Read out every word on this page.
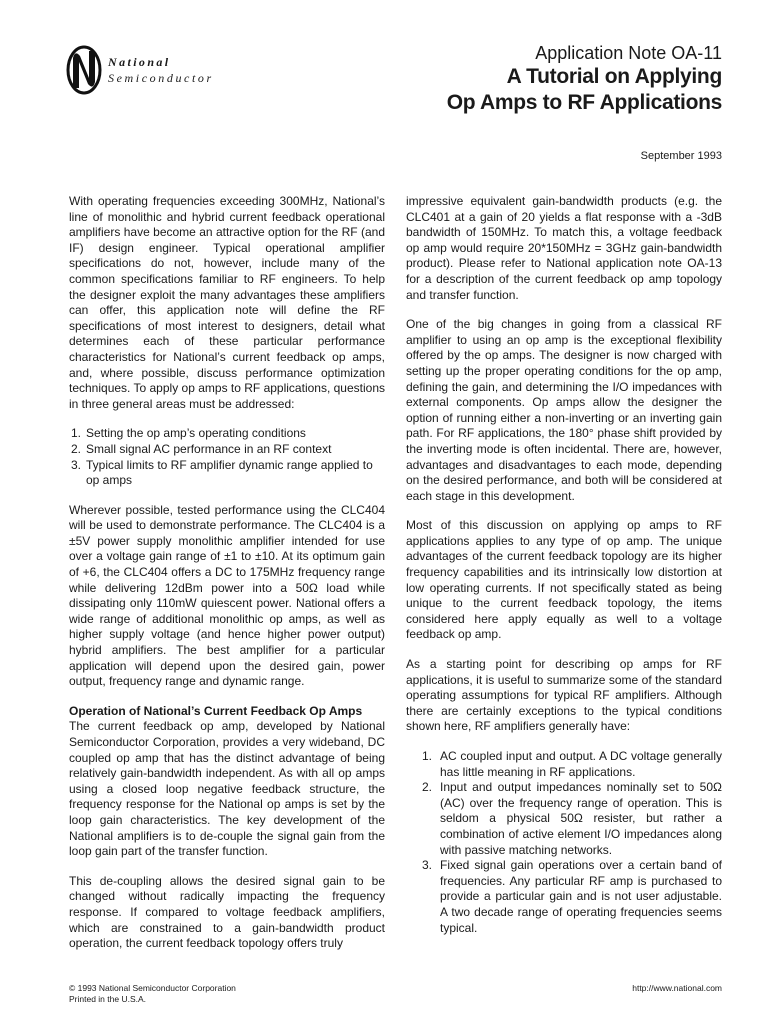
National
Semiconductor
Application Note OA-11
A Tutorial on Applying
Op Amps to RF Applications
September 1993

With operating frequencies exceeding 300MHz, National’s line of monolithic and hybrid current feedback operational amplifiers have become an attractive option for the RF (and IF) design engineer. Typical operational amplifier specifications do not, however, include many of the common specifications familiar to RF engineers. To help the designer exploit the many advantages these amplifiers can offer, this application note will define the RF specifications of most interest to designers, detail what determines each of these particular performance characteristics for National’s current feedback op amps, and, where possible, discuss performance optimization techniques. To apply op amps to RF applications, questions in three general areas must be addressed:

1. Setting the op amp’s operating conditions
2. Small signal AC performance in an RF context
3. Typical limits to RF amplifier dynamic range applied to op amps

Wherever possible, tested performance using the CLC404 will be used to demonstrate performance. The CLC404 is a ±5V power supply monolithic amplifier intended for use over a voltage gain range of ±1 to ±10. At its optimum gain of +6, the CLC404 offers a DC to 175MHz frequency range while delivering 12dBm power into a 50Ω load while dissipating only 110mW quiescent power. National offers a wide range of additional monolithic op amps, as well as higher supply voltage (and hence higher power output) hybrid amplifiers. The best amplifier for a particular application will depend upon the desired gain, power output, frequency range and dynamic range.

Operation of National’s Current Feedback Op Amps

The current feedback op amp, developed by National Semiconductor Corporation, provides a very wideband, DC coupled op amp that has the distinct advantage of being relatively gain-bandwidth independent. As with all op amps using a closed loop negative feedback structure, the frequency response for the National op amps is set by the loop gain characteristics. The key development of the National amplifiers is to de-couple the signal gain from the loop gain part of the transfer function.

This de-coupling allows the desired signal gain to be changed without radically impacting the frequency response. If compared to voltage feedback amplifiers, which are constrained to a gain-bandwidth product operation, the current feedback topology offers truly

impressive equivalent gain-bandwidth products (e.g. the CLC401 at a gain of 20 yields a flat response with a -3dB bandwidth of 150MHz. To match this, a voltage feedback op amp would require 20*150MHz = 3GHz gain-bandwidth product). Please refer to National application note OA-13 for a description of the current feedback op amp topology and transfer function.

One of the big changes in going from a classical RF amplifier to using an op amp is the exceptional flexibility offered by the op amps. The designer is now charged with setting up the proper operating conditions for the op amp, defining the gain, and determining the I/O impedances with external components. Op amps allow the designer the option of running either a non-inverting or an inverting gain path. For RF applications, the 180° phase shift provided by the inverting mode is often incidental. There are, however, advantages and disadvantages to each mode, depending on the desired performance, and both will be considered at each stage in this development.

Most of this discussion on applying op amps to RF applications applies to any type of op amp. The unique advantages of the current feedback topology are its higher frequency capabilities and its intrinsically low distortion at low operating currents. If not specifically stated as being unique to the current feedback topology, the items considered here apply equally as well to a voltage feedback op amp.

As a starting point for describing op amps for RF applications, it is useful to summarize some of the standard operating assumptions for typical RF amplifiers. Although there are certainly exceptions to the typical conditions shown here, RF amplifiers generally have:

1. AC coupled input and output. A DC voltage generally has little meaning in RF applications.
2. Input and output impedances nominally set to 50Ω (AC) over the frequency range of operation. This is seldom a physical 50Ω resister, but rather a combination of active element I/O impedances along with passive matching networks.
3. Fixed signal gain operations over a certain band of frequencies. Any particular RF amp is purchased to provide a particular gain and is not user adjustable. A two decade range of operating frequencies seems typical.
© 1993 National Semiconductor Corporation
Printed in the U.S.A.
http://www.national.com
